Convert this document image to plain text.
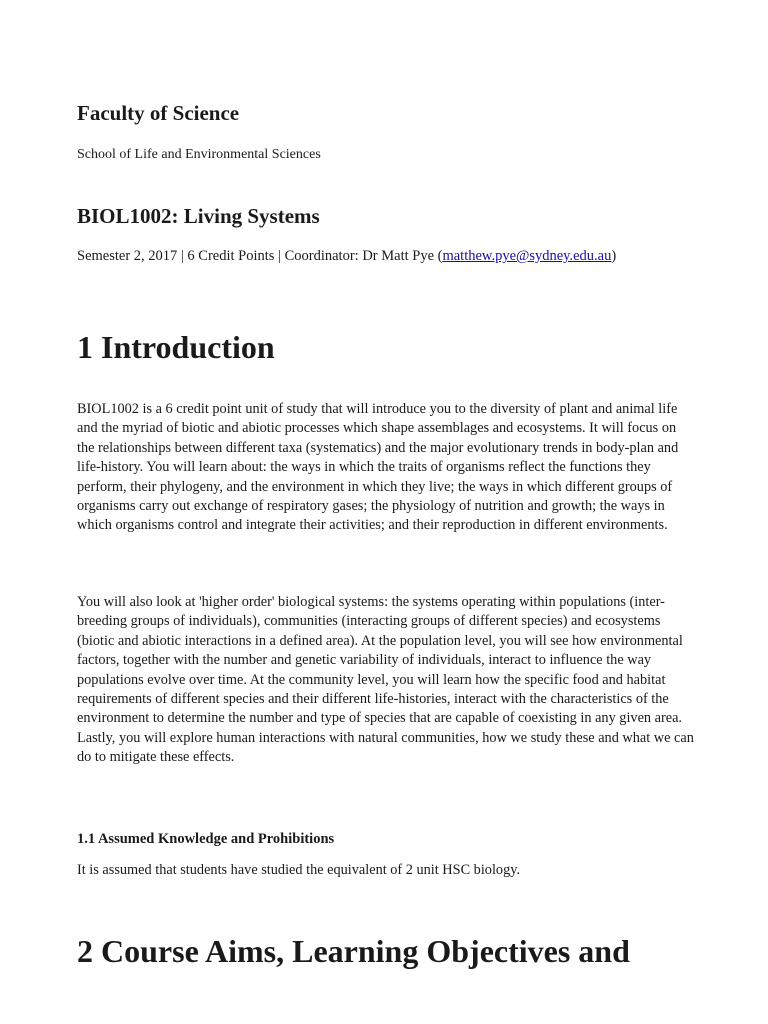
Faculty of Science

School of Life and Environmental Sciences

BIOL1002: Living Systems

Semester 2, 2017 | 6 Credit Points | Coordinator: Dr Matt Pye (matthew.pye@sydney.edu.au)

1 Introduction

BIOL1002 is a 6 credit point unit of study that will introduce you to the diversity of plant and animal life and the myriad of biotic and abiotic processes which shape assemblages and ecosystems. It will focus on the relationships between different taxa (systematics) and the major evolutionary trends in body-plan and life-history. You will learn about: the ways in which the traits of organisms reflect the functions they perform, their phylogeny, and the environment in which they live; the ways in which different groups of organisms carry out exchange of respiratory gases; the physiology of nutrition and growth; the ways in which organisms control and integrate their activities; and their reproduction in different environments.

You will also look at 'higher order' biological systems: the systems operating within populations (inter-breeding groups of individuals), communities (interacting groups of different species) and ecosystems (biotic and abiotic interactions in a defined area). At the population level, you will see how environmental factors, together with the number and genetic variability of individuals, interact to influence the way populations evolve over time. At the community level, you will learn how the specific food and habitat requirements of different species and their different life-histories, interact with the characteristics of the environment to determine the number and type of species that are capable of coexisting in any given area. Lastly, you will explore human interactions with natural communities, how we study these and what we can do to mitigate these effects.

1.1 Assumed Knowledge and Prohibitions

It is assumed that students have studied the equivalent of 2 unit HSC biology.

2 Course Aims, Learning Objectives and
